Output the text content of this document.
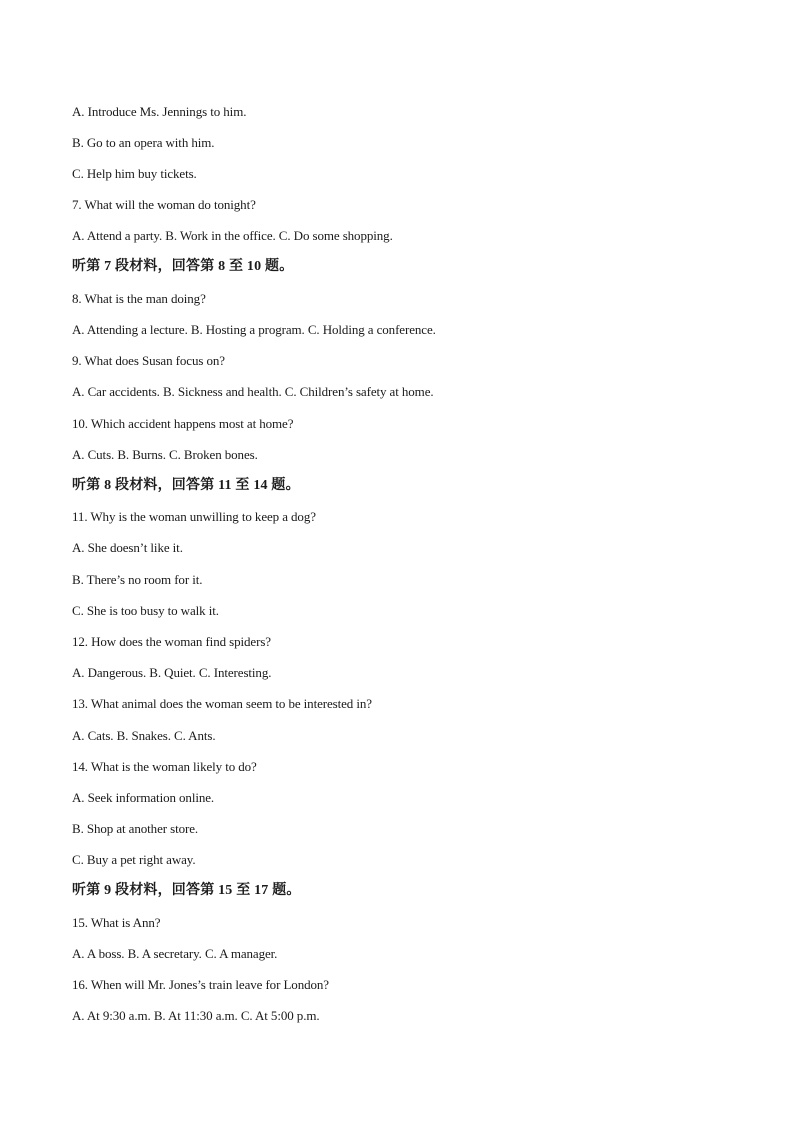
A. Introduce Ms. Jennings to him.
B. Go to an opera with him.
C. Help him buy tickets.
7. What will the woman do tonight?
A. Attend a party. B. Work in the office. C. Do some shopping.
听第 7 段材料，回答第 8 至 10 题。
8. What is the man doing?
A. Attending a lecture. B. Hosting a program. C. Holding a conference.
9. What does Susan focus on?
A. Car accidents. B. Sickness and health. C. Children’s safety at home.
10. Which accident happens most at home?
A. Cuts. B. Burns. C. Broken bones.
听第 8 段材料，回答第 11 至 14 题。
11. Why is the woman unwilling to keep a dog?
A. She doesn’t like it.
B. There’s no room for it.
C. She is too busy to walk it.
12. How does the woman find spiders?
A. Dangerous. B. Quiet. C. Interesting.
13. What animal does the woman seem to be interested in?
A. Cats. B. Snakes. C. Ants.
14. What is the woman likely to do?
A. Seek information online.
B. Shop at another store.
C. Buy a pet right away.
听第 9 段材料，回答第 15 至 17 题。
15. What is Ann?
A. A boss. B. A secretary. C. A manager.
16. When will Mr. Jones’s train leave for London?
A. At 9:30 a.m. B. At 11:30 a.m. C. At 5:00 p.m.
